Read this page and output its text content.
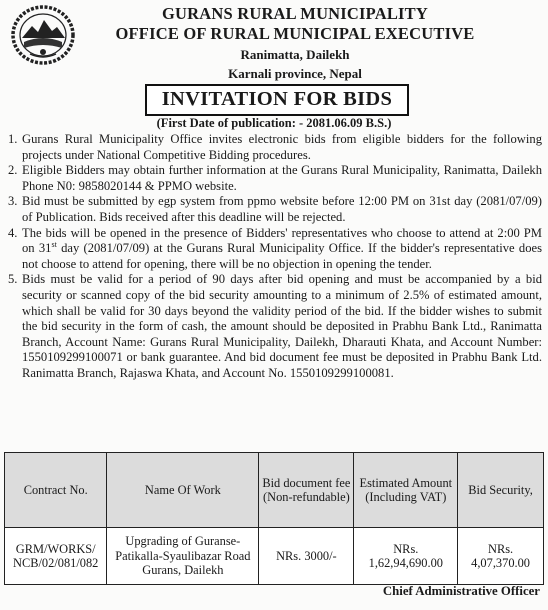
GURANS RURAL MUNICIPALITY
OFFICE OF RURAL MUNICIPAL EXECUTIVE
Ranimatta, Dailekh
Karnali province, Nepal
INVITATION FOR BIDS
(First Date of publication: - 2081.06.09 B.S.)
1. Gurans Rural Municipality Office invites electronic bids from eligible bidders for the following projects under National Competitive Bidding procedures.
2. Eligible Bidders may obtain further information at the Gurans Rural Municipality, Ranimatta, Dailekh Phone N0: 9858020144 & PPMO website.
3. Bid must be submitted by egp system from ppmo website before 12:00 PM on 31st day (2081/07/09) of Publication. Bids received after this deadline will be rejected.
4. The bids will be opened in the presence of Bidders' representatives who choose to attend at 2:00 PM on 31st day (2081/07/09) at the Gurans Rural Municipality Office. If the bidder's representative does not choose to attend for opening, there will be no objection in opening the tender.
5. Bids must be valid for a period of 90 days after bid opening and must be accompanied by a bid security or scanned copy of the bid security amounting to a minimum of 2.5% of estimated amount, which shall be valid for 30 days beyond the validity period of the bid. If the bidder wishes to submit the bid security in the form of cash, the amount should be deposited in Prabhu Bank Ltd., Ranimatta Branch, Account Name: Gurans Rural Municipality, Dailekh, Dharauti Khata, and Account Number: 1550109299100071 or bank guarantee. And bid document fee must be deposited in Prabhu Bank Ltd. Ranimatta Branch, Rajaswa Khata, and Account No. 1550109299100081.
Contract No.	Name Of Work	Bid document fee (Non-refundable)	Estimated Amount (Including VAT)	Bid Security,
GRM/WORKS/ NCB/02/081/082	Upgrading of Guranse-Patikalla-Syaulibazar Road Gurans, Dailekh	NRs. 3000/-	NRs. 1,62,94,690.00	NRs. 4,07,370.00
Chief Administrative Officer
